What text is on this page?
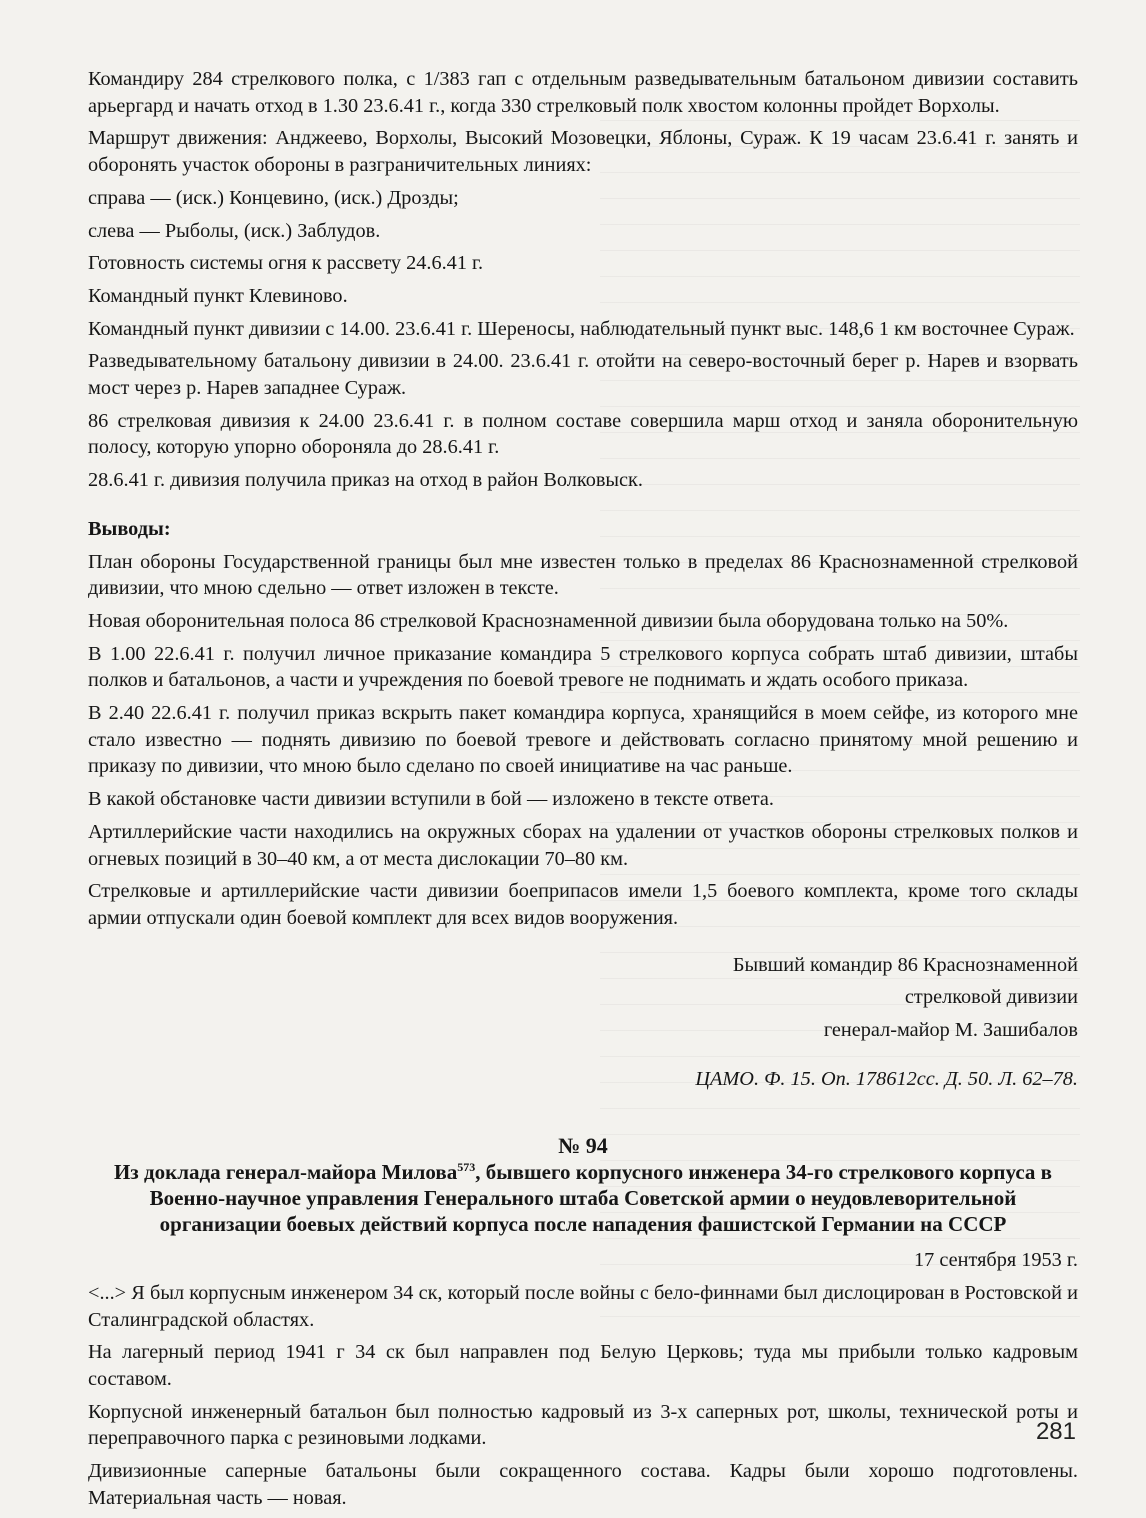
Командиру 284 стрелкового полка, с 1/383 гап с отдельным разведывательным батальоном дивизии составить арьергард и начать отход в 1.30 23.6.41 г., когда 330 стрелковый полк хвостом колонны пройдет Ворхолы.

Маршрут движения: Анджеево, Ворхолы, Высокий Мозовецки, Яблоны, Сураж. К 19 часам 23.6.41 г. занять и оборонять участок обороны в разграничительных линиях:

справа — (иск.) Концевино, (иск.) Дрозды;

слева — Рыболы, (иск.) Заблудов.

Готовность системы огня к рассвету 24.6.41 г.

Командный пункт Клевиново.

Командный пункт дивизии с 14.00. 23.6.41 г. Шереносы, наблюдательный пункт выс. 148,6 1 км восточнее Сураж.

Разведывательному батальону дивизии в 24.00. 23.6.41 г. отойти на северо-восточный берег р. Нарев и взорвать мост через р. Нарев западнее Сураж.

86 стрелковая дивизия к 24.00 23.6.41 г. в полном составе совершила марш отход и заняла оборонительную полосу, которую упорно обороняла до 28.6.41 г.

28.6.41 г. дивизия получила приказ на отход в район Волковыск.

Выводы:

План обороны Государственной границы был мне известен только в пределах 86 Краснознаменной стрелковой дивизии, что мною сдельно — ответ изложен в тексте.

Новая оборонительная полоса 86 стрелковой Краснознаменной дивизии была оборудована только на 50%.

В 1.00 22.6.41 г. получил личное приказание командира 5 стрелкового корпуса собрать штаб дивизии, штабы полков и батальонов, а части и учреждения по боевой тревоге не поднимать и ждать особого приказа.

В 2.40 22.6.41 г. получил приказ вскрыть пакет командира корпуса, хранящийся в моем сейфе, из которого мне стало известно — поднять дивизию по боевой тревоге и действовать согласно принятому мной решению и приказу по дивизии, что мною было сделано по своей инициативе на час раньше.

В какой обстановке части дивизии вступили в бой — изложено в тексте ответа.

Артиллерийские части находились на окружных сборах на удалении от участков обороны стрелковых полков и огневых позиций в 30–40 км, а от места дислокации 70–80 км.

Стрелковые и артиллерийские части дивизии боеприпасов имели 1,5 боевого комплекта, кроме того склады армии отпускали один боевой комплект для всех видов вооружения.

Бывший командир 86 Краснознаменной

стрелковой дивизии

генерал-майор М. Зашибалов

ЦАМО. Ф. 15. Оп. 178612сс. Д. 50. Л. 62–78.

№ 94

Из доклада генерал-майора Милова$^{573}$, бывшего корпусного инженера 34-го стрелкового корпуса в Военно-научное управления Генерального штаба Советской армии о неудовлеворительной организации боевых действий корпуса после нападения фашистской Германии на СССР

17 сентября 1953 г.

<...> Я был корпусным инженером 34 ск, который после войны с бело-финнами был дислоцирован в Ростовской и Сталинградской областях.

На лагерный период 1941 г 34 ск был направлен под Белую Церковь; туда мы прибыли только кадровым составом.

Корпусной инженерный батальон был полностью кадровый из 3-х саперных рот, школы, технической роты и переправочного парка с резиновыми лодками.

Дивизионные саперные батальоны были сокращенного состава. Кадры были хорошо подготовлены. Материальная часть — новая.

281
